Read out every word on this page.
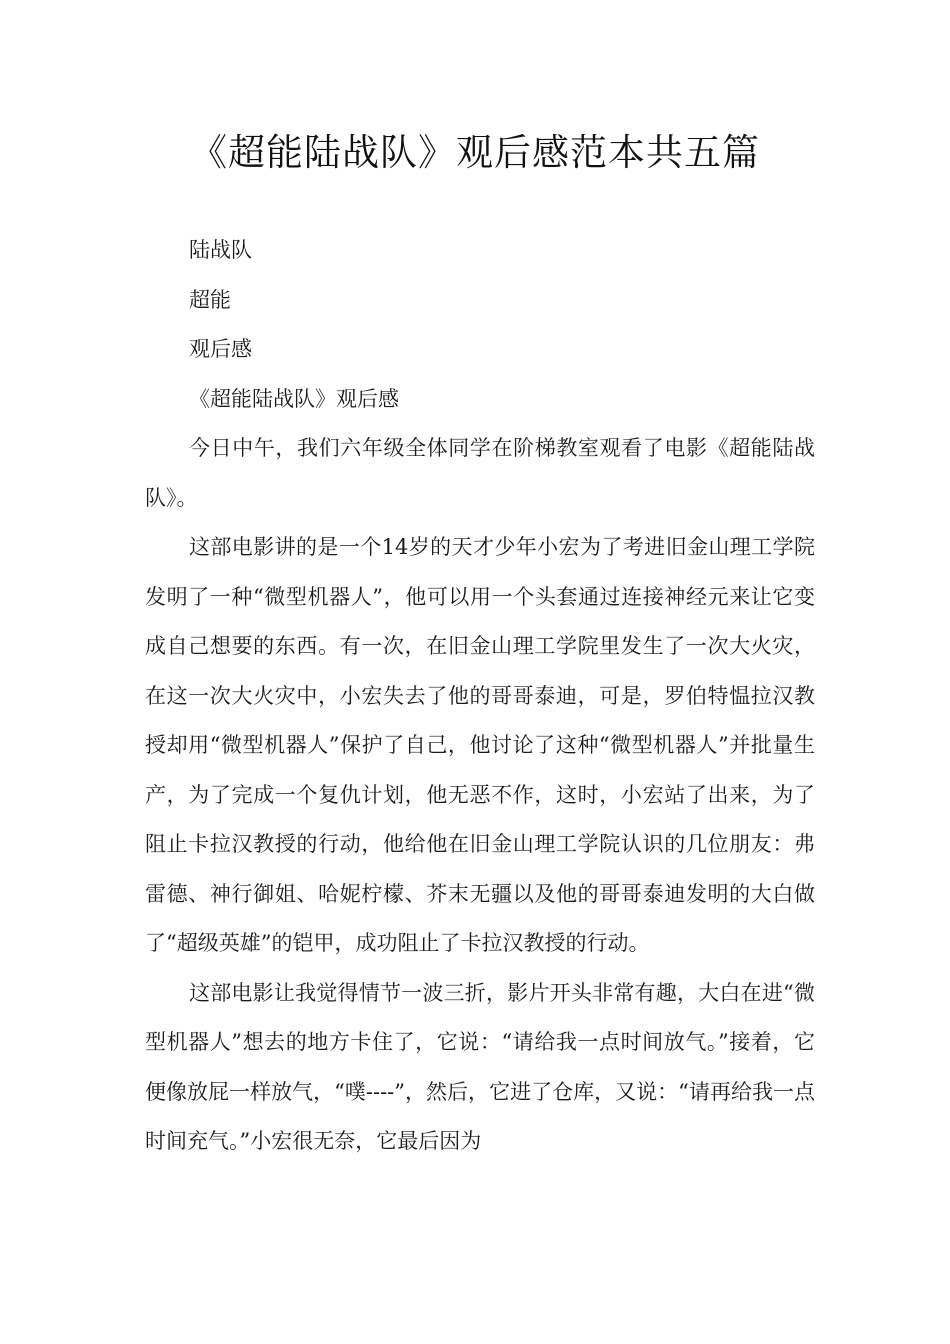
《超能陆战队》观后感范本共五篇

陆战队

超能

观后感

《超能陆战队》观后感

今日中午，我们六年级全体同学在阶梯教室观看了电影《超能陆战队》。

这部电影讲的是一个14岁的天才少年小宏为了考进旧金山理工学院发明了一种“微型机器人”，他可以用一个头套通过连接神经元来让它变成自己想要的东西。有一次，在旧金山理工学院里发生了一次大火灾，在这一次大火灾中，小宏失去了他的哥哥泰迪，可是，罗伯特愠拉汉教授却用“微型机器人”保护了自己，他讨论了这种“微型机器人”并批量生产，为了完成一个复仇计划，他无恶不作，这时，小宏站了出来，为了阻止卡拉汉教授的行动，他给他在旧金山理工学院认识的几位朋友：弗雷德、神行御姐、哈妮柠檬、芥末无疆以及他的哥哥泰迪发明的大白做了“超级英雄”的铠甲，成功阻止了卡拉汉教授的行动。

这部电影让我觉得情节一波三折，影片开头非常有趣，大白在进“微型机器人”想去的地方卡住了，它说：“请给我一点时间放气。”接着，它便像放屁一样放气，“噗----”，然后，它进了仓库，又说：“请再给我一点时间充气。”小宏很无奈，它最后因为
